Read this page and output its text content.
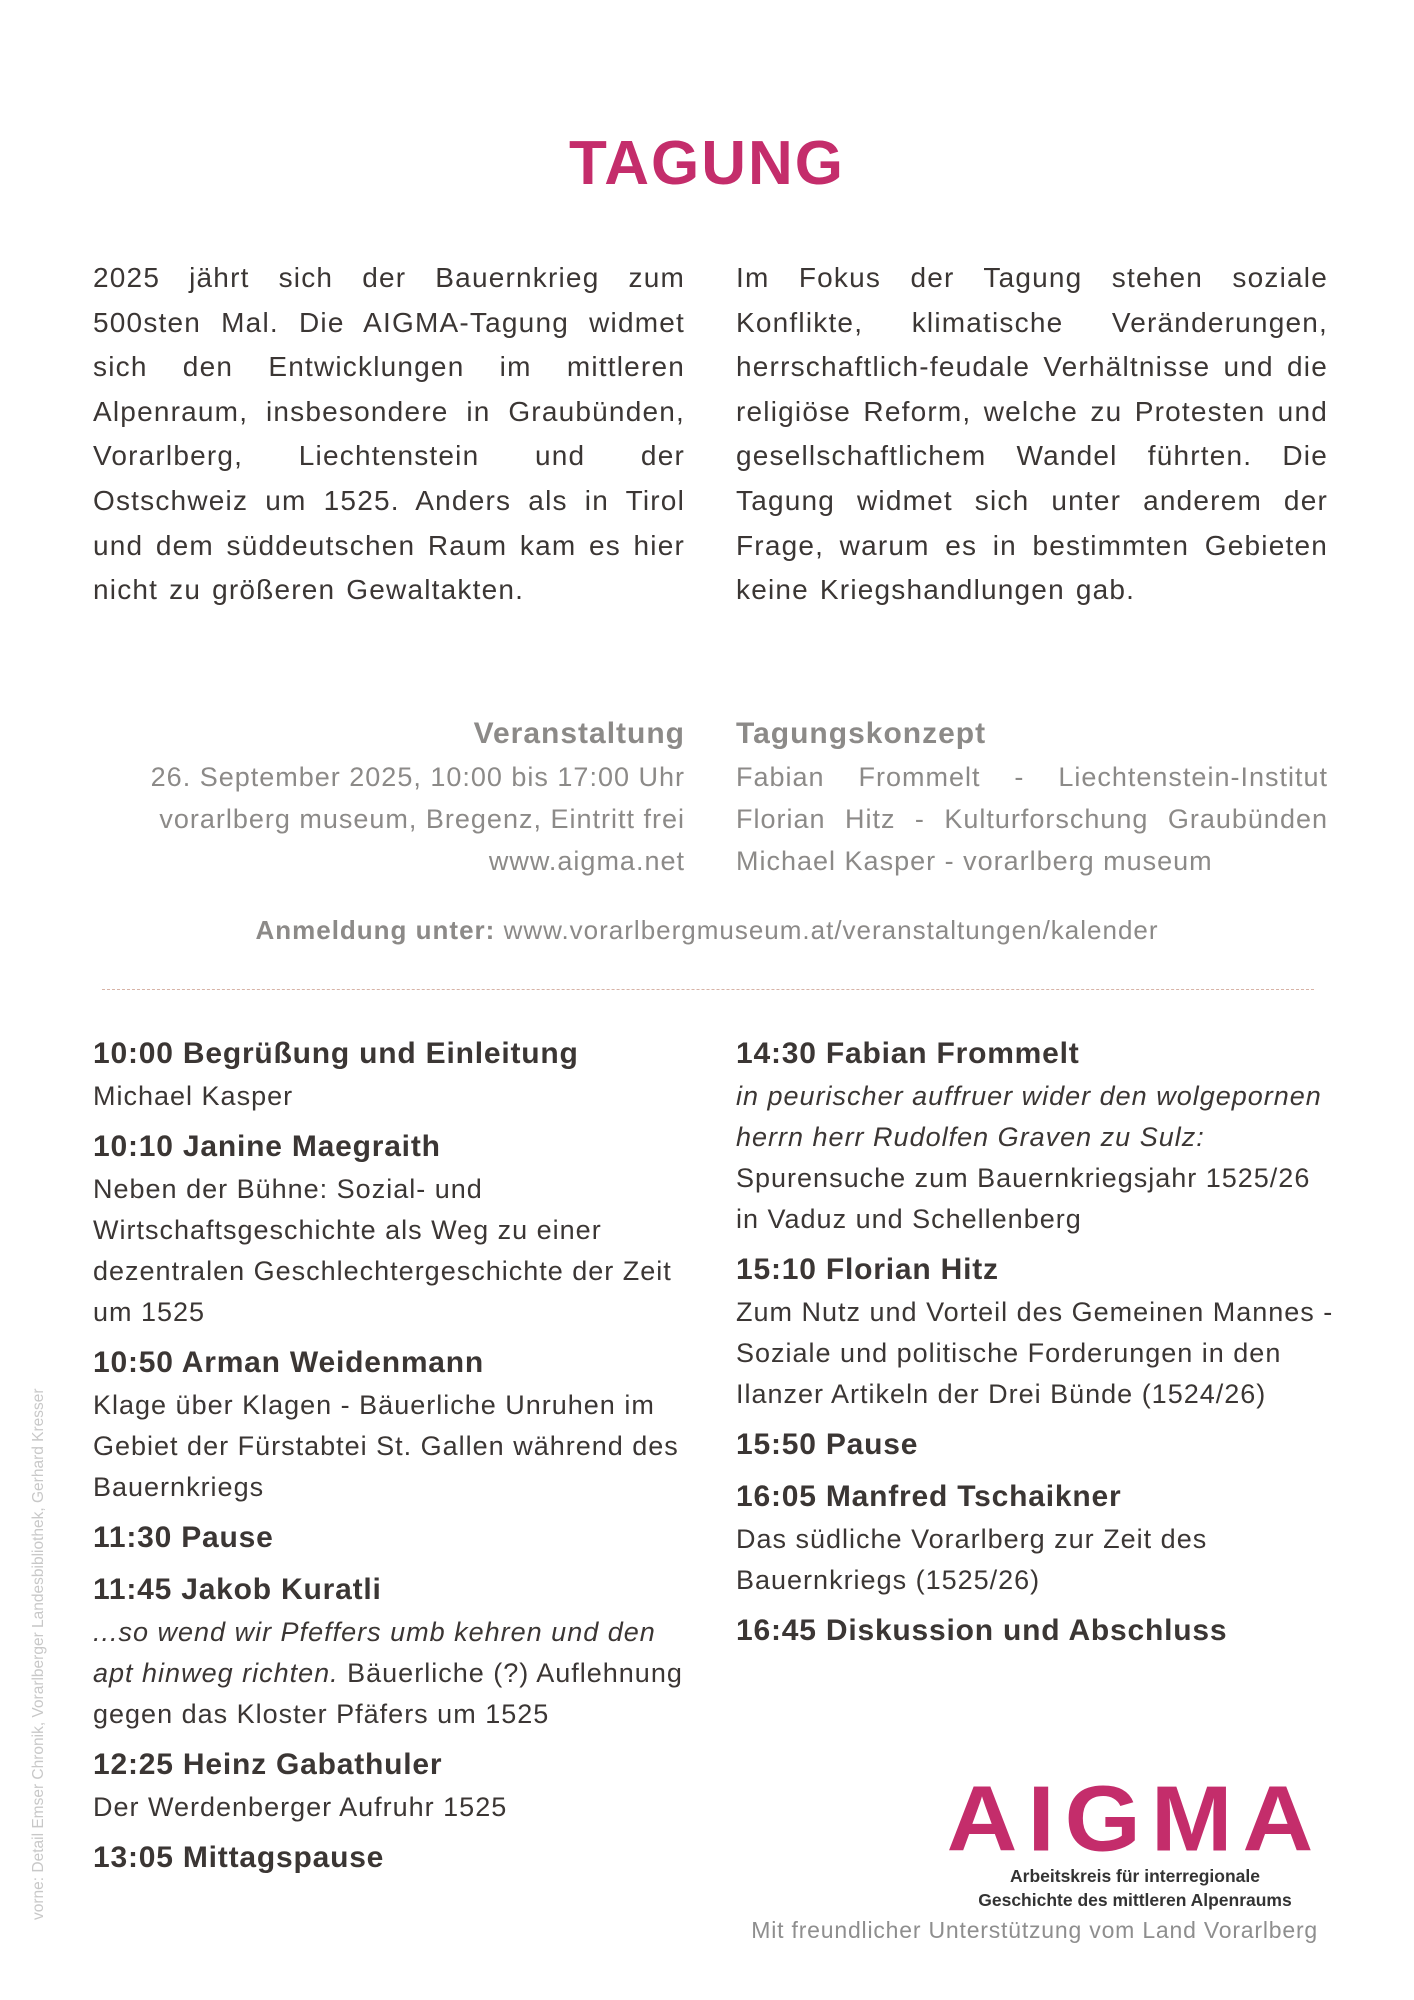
TAGUNG
2025 jährt sich der Bauernkrieg zum 500sten Mal. Die AIGMA-Tagung widmet sich den Entwicklungen im mittleren Alpenraum, insbesondere in Graubünden, Vorarlberg, Liechtenstein und der Ostschweiz um 1525. Anders als in Tirol und dem süddeutschen Raum kam es hier nicht zu größeren Gewaltakten.
Im Fokus der Tagung stehen soziale Konflikte, klimatische Veränderungen, herrschaftlich-feudale Verhältnisse und die religiöse Reform, welche zu Protesten und gesellschaftlichem Wandel führten. Die Tagung widmet sich unter anderem der Frage, warum es in bestimmten Gebieten keine Kriegshandlungen gab.
Veranstaltung
26. September 2025, 10:00 bis 17:00 Uhr
vorarlberg museum, Bregenz, Eintritt frei
www.aigma.net
Tagungskonzept
Fabian Frommelt - Liechtenstein-Institut
Florian Hitz - Kulturforschung Graubünden
Michael Kasper - vorarlberg museum
Anmeldung unter: www.vorarlbergmuseum.at/veranstaltungen/kalender
10:00 Begrüßung und Einleitung

Michael Kasper

10:10 Janine Maegraith

Neben der Bühne: Sozial- und Wirtschaftsgeschichte als Weg zu einer dezentralen Geschlechtergeschichte der Zeit um 1525

10:50 Arman Weidenmann

Klage über Klagen - Bäuerliche Unruhen im Gebiet der Fürstabtei St. Gallen während des Bauernkriegs

11:30 Pause
11:45 Jakob Kuratli

...so wend wir Pfeffers umb kehren und den apt hinweg richten. Bäuerliche (?) Auflehnung gegen das Kloster Pfäfers um 1525

12:25 Heinz Gabathuler

Der Werdenberger Aufruhr 1525

13:05 Mittagspause
14:30 Fabian Frommelt

in peurischer auffruer wider den wolgepornen herrn herr Rudolfen Graven zu Sulz: Spurensuche zum Bauernkriegsjahr 1525/26 in Vaduz und Schellenberg

15:10 Florian Hitz

Zum Nutz und Vorteil des Gemeinen Mannes - Soziale und politische Forderungen in den Ilanzer Artikeln der Drei Bünde (1524/26)

15:50 Pause
16:05 Manfred Tschaikner

Das südliche Vorarlberg zur Zeit des Bauernkriegs (1525/26)

16:45 Diskussion und Abschluss
vorne: Detail Emser Chronik, Vorarlberger Landesbibliothek, Gerhard Kresser	AIGMA
Arbeitskreis für interregionale
Geschichte des mittleren Alpenraums
Mit freundlicher Unterstützung vom Land Vorarlberg
